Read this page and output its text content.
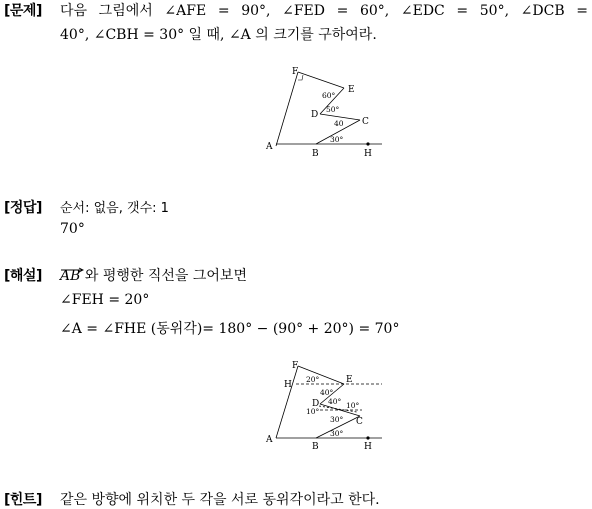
[문제] 다음 그림에서 ∠AFE = 90°, ∠FED = 60°, ∠EDC = 50°, ∠DCB =
40°, ∠CBH = 30° 일 때, ∠A 의 크기를 구하여라.
F
E
D
C
A
B	H
60°
50°
40
30°
[정답] 순서: 없음, 갯수: 1
70°
[해설] AB 와 평행한 직선을 그어보면
∠FEH = 20°
∠A = ∠FHE (동위각)= 180° − (90° + 20°) = 70°
F
H	E
D
C
A
B	H
20°
40°
40° 10°
10°
30°
30°
[힌트] 같은 방향에 위치한 두 각을 서로 동위각이라고 한다.
